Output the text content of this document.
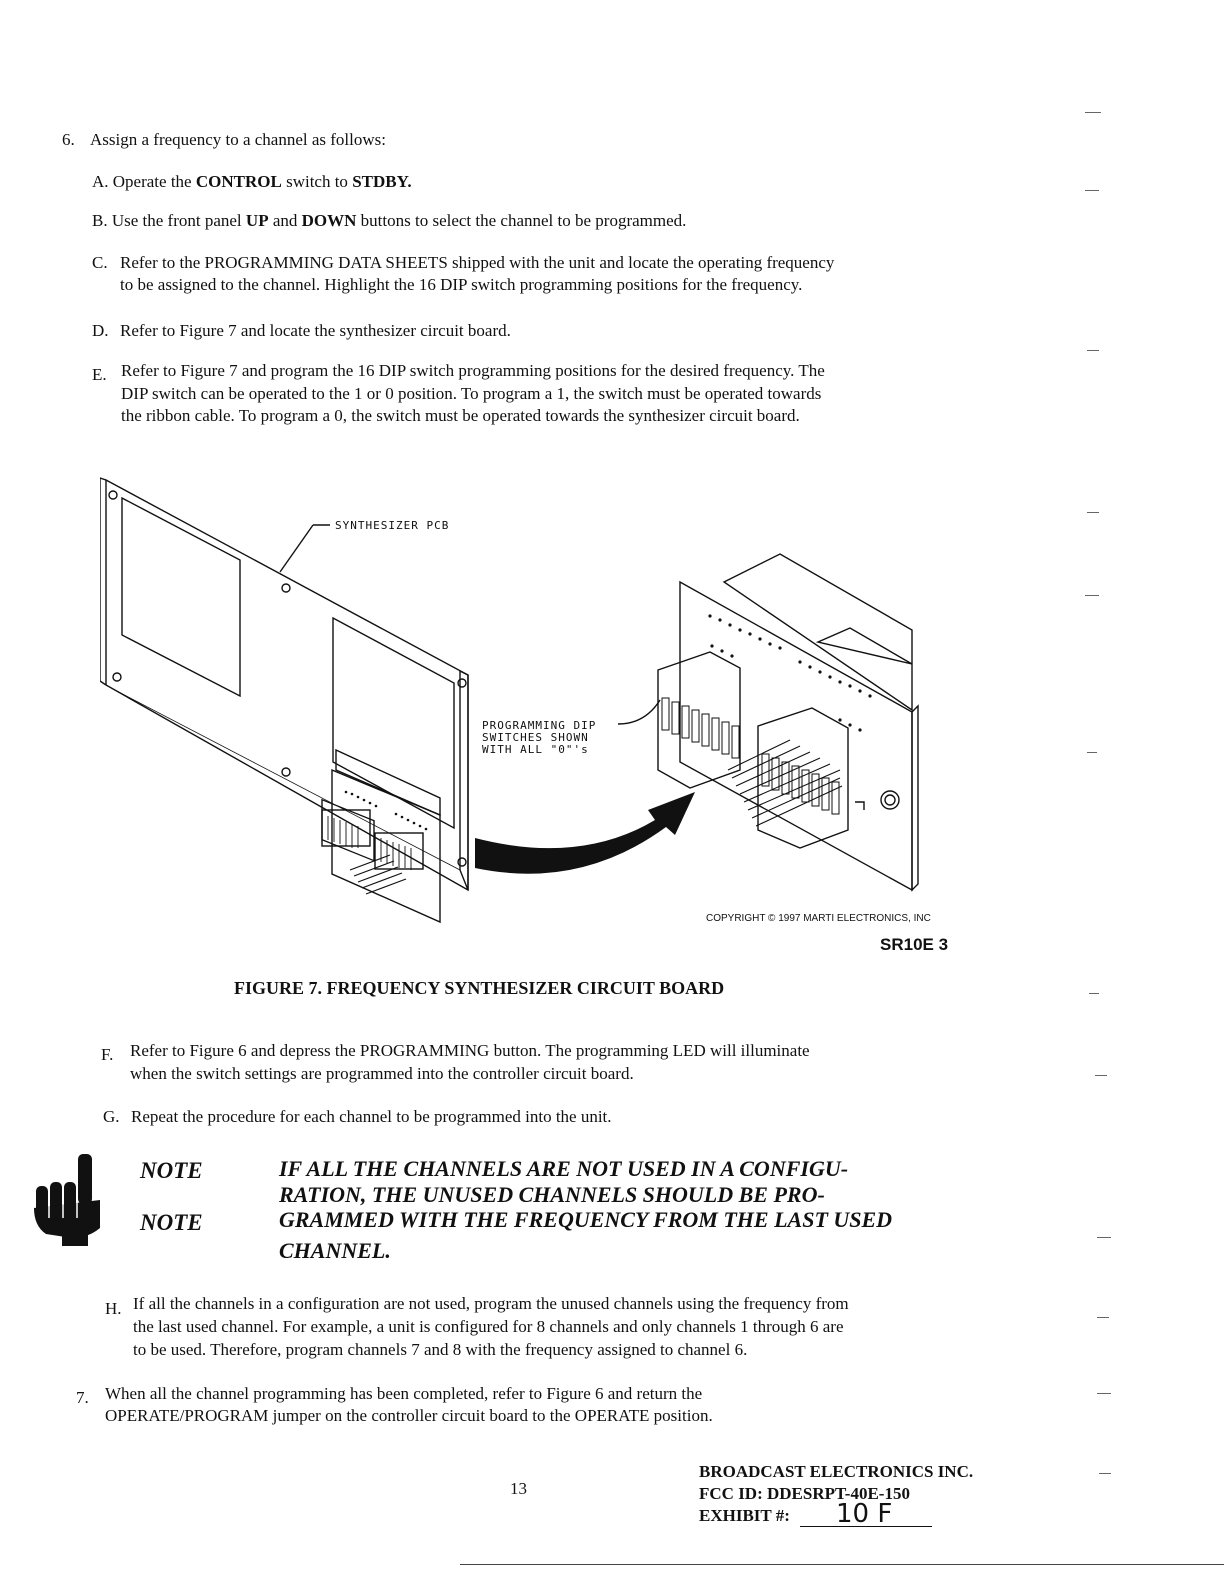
6. Assign a frequency to a channel as follows:
A. Operate the CONTROL switch to STDBY.
B. Use the front panel UP and DOWN buttons to select the channel to be programmed.
C. Refer to the PROGRAMMING DATA SHEETS shipped with the unit and locate the operating frequency
to be assigned to the channel. Highlight the 16 DIP switch programming positions for the frequency.
D. Refer to Figure 7 and locate the synthesizer circuit board.
E. Refer to Figure 7 and program the 16 DIP switch programming positions for the desired frequency. The
DIP switch can be operated to the 1 or 0 position. To program a 1, the switch must be operated towards
the ribbon cable. To program a 0, the switch must be operated towards the synthesizer circuit board.
SYNTHESIZER PCB
PROGRAMMING DIP
SWITCHES SHOWN
WITH ALL "0"'s
COPYRIGHT © 1997 MARTI ELECTRONICS, INC
SR10E 3
FIGURE 7. FREQUENCY SYNTHESIZER CIRCUIT BOARD
F. Refer to Figure 6 and depress the PROGRAMMING button. The programming LED will illuminate
when the switch settings are programmed into the controller circuit board.
G. Repeat the procedure for each channel to be programmed into the unit.
NOTE
NOTE
IF ALL THE CHANNELS ARE NOT USED IN A CONFIGU-
RATION, THE UNUSED CHANNELS SHOULD BE PRO-
GRAMMED WITH THE FREQUENCY FROM THE LAST USED
CHANNEL.
H. If all the channels in a configuration are not used, program the unused channels using the frequency from
the last used channel. For example, a unit is configured for 8 channels and only channels 1 through 6 are
to be used. Therefore, program channels 7 and 8 with the frequency assigned to channel 6.
7. When all the channel programming has been completed, refer to Figure 6 and return the
OPERATE/PROGRAM jumper on the controller circuit board to the OPERATE position.
13
BROADCAST ELECTRONICS INC.
FCC ID: DDESRPT-40E-150
EXHIBIT #: 10 F
